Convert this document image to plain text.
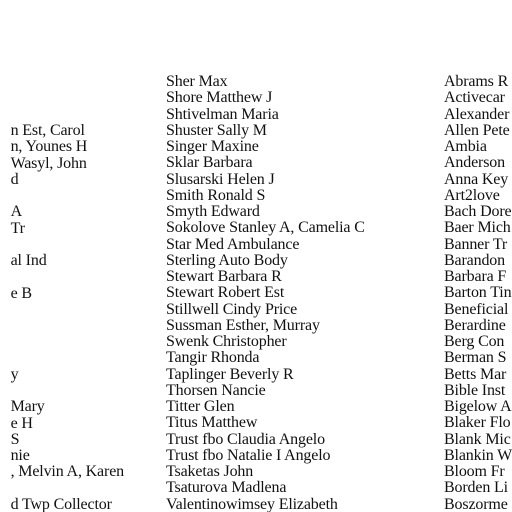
n Est, Carol
n, Younes H
Wasyl, John
d
A
Tr
al Ind
e B
y
Mary
e H
S
nie
, Melvin A, Karen
d Twp Collector
Sher Max
Shore Matthew J
Shtivelman Maria
Shuster Sally M
Singer Maxine
Sklar Barbara
Slusarski Helen J
Smith Ronald S
Smyth Edward
Sokolove Stanley A, Camelia C
Star Med Ambulance
Sterling Auto Body
Stewart Barbara R
Stewart Robert Est
Stillwell Cindy Price
Sussman Esther, Murray
Swenk Christopher
Tangir Rhonda
Taplinger Beverly R
Thorsen Nancie
Titter Glen
Titus Matthew
Trust fbo Claudia Angelo
Trust fbo Natalie I Angelo
Tsaketas John
Tsaturova Madlena
Valentinowimsey Elizabeth
Abrams R
Activecar
Alexander
Allen Pete
Ambia
Anderson
Anna Key
Art2love
Bach Dore
Baer Mich
Banner Tr
Barandon
Barbara F
Barton Tin
Beneficial
Berardine
Berg Con
Berman S
Betts Mar
Bible Inst
Bigelow A
Blaker Flo
Blank Mic
Blankin W
Bloom Fr
Borden Li
Boszorme
